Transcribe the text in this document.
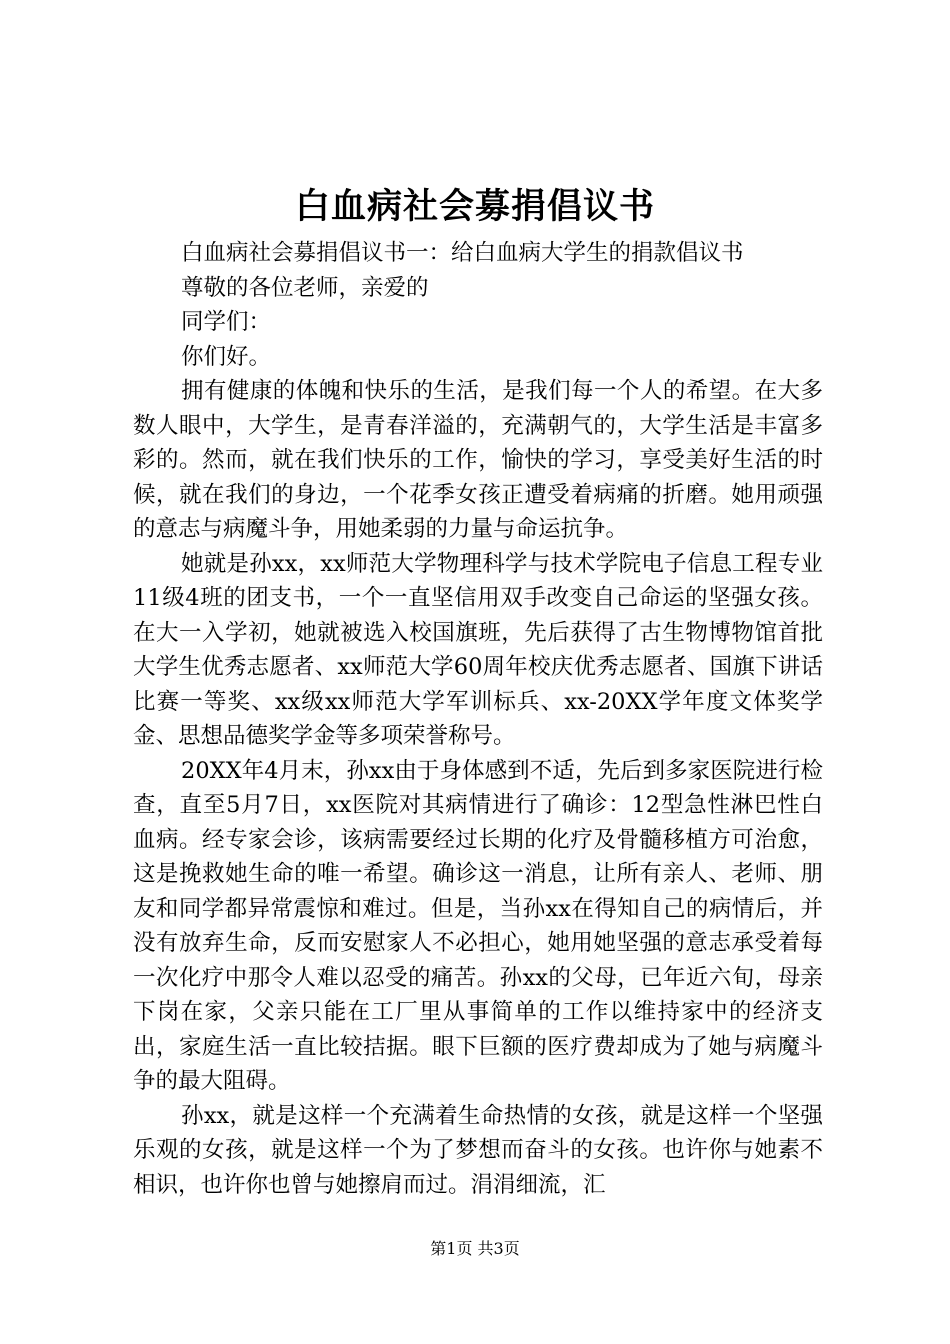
白血病社会募捐倡议书

白血病社会募捐倡议书一：给白血病大学生的捐款倡议书

尊敬的各位老师，亲爱的

同学们：

你们好。

拥有健康的体魄和快乐的生活，是我们每一个人的希望。在大多数人眼中，大学生，是青春洋溢的，充满朝气的，大学生活是丰富多彩的。然而，就在我们快乐的工作，愉快的学习，享受美好生活的时候，就在我们的身边，一个花季女孩正遭受着病痛的折磨。她用顽强的意志与病魔斗争，用她柔弱的力量与命运抗争。

她就是孙xx，xx师范大学物理科学与技术学院电子信息工程专业11级4班的团支书，一个一直坚信用双手改变自己命运的坚强女孩。在大一入学初，她就被选入校国旗班，先后获得了古生物博物馆首批大学生优秀志愿者、xx师范大学60周年校庆优秀志愿者、国旗下讲话比赛一等奖、xx级xx师范大学军训标兵、xx-20XX学年度文体奖学金、思想品德奖学金等多项荣誉称号。

20XX年4月末，孙xx由于身体感到不适，先后到多家医院进行检查，直至5月7日，xx医院对其病情进行了确诊：12型急性淋巴性白血病。经专家会诊，该病需要经过长期的化疗及骨髓移植方可治愈，这是挽救她生命的唯一希望。确诊这一消息，让所有亲人、老师、朋友和同学都异常震惊和难过。但是，当孙xx在得知自己的病情后，并没有放弃生命，反而安慰家人不必担心，她用她坚强的意志承受着每一次化疗中那令人难以忍受的痛苦。孙xx的父母，已年近六旬，母亲下岗在家，父亲只能在工厂里从事简单的工作以维持家中的经济支出，家庭生活一直比较拮据。眼下巨额的医疗费却成为了她与病魔斗争的最大阻碍。

孙xx，就是这样一个充满着生命热情的女孩，就是这样一个坚强乐观的女孩，就是这样一个为了梦想而奋斗的女孩。也许你与她素不相识，也许你也曾与她擦肩而过。涓涓细流，汇

第1页 共3页
